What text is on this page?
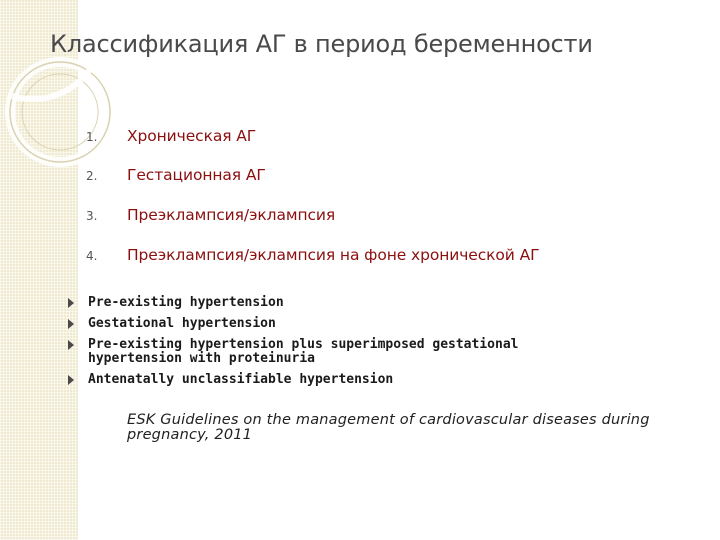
Классификация АГ в период беременности
1.	Хроническая АГ
2.	Гестационная АГ
3.	Преэклампсия/эклампсия
4.	Преэклампсия/эклампсия на фоне хронической АГ
Pre-existing hypertension
Gestational hypertension
Pre-existing hypertension plus superimposed gestational hypertension with proteinuria
Antenatally unclassifiable hypertension
ESK Guidelines on the management of cardiovascular diseases during pregnancy, 2011
